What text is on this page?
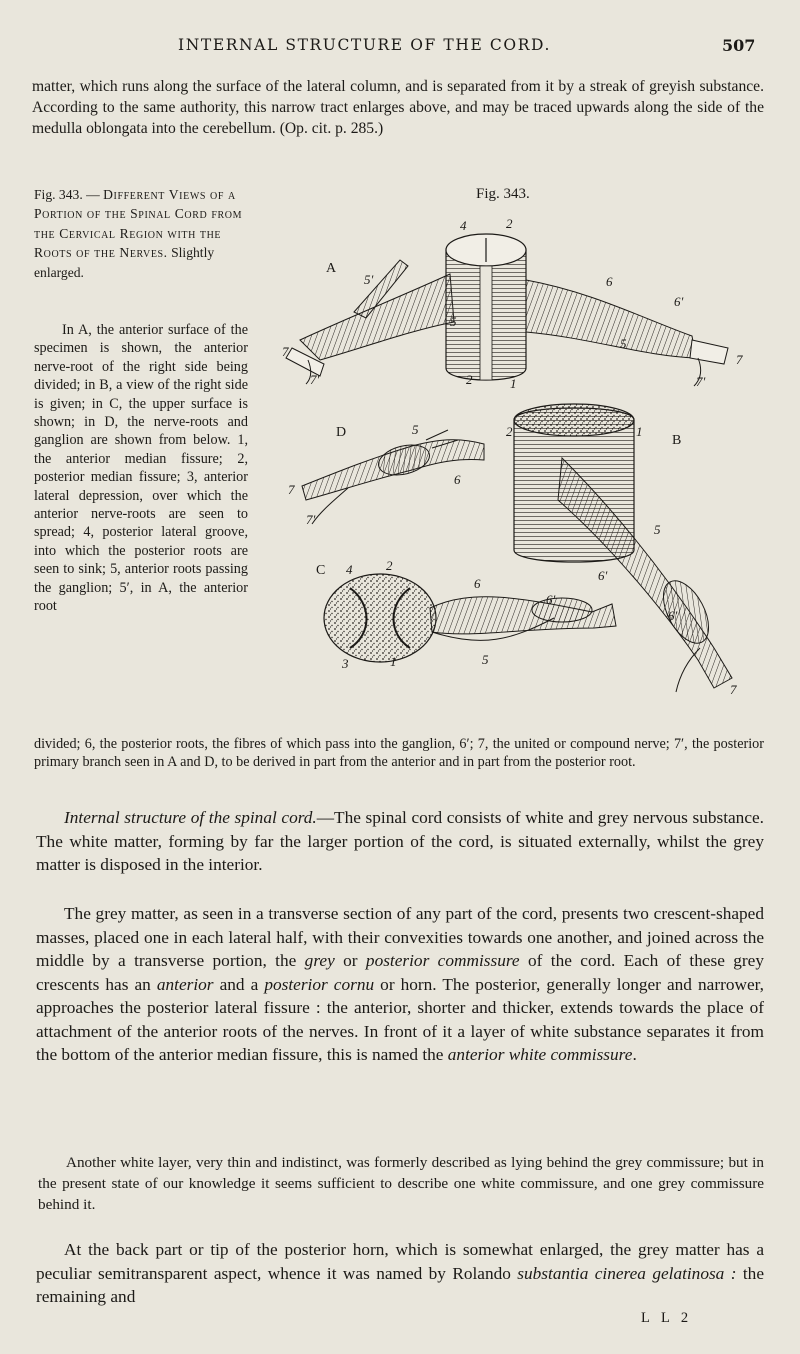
INTERNAL STRUCTURE OF THE CORD.	507

matter, which runs along the surface of the lateral column, and is separated from it by a streak of greyish substance. According to the same authority, this narrow tract enlarges above, and may be traced upwards along the side of the medulla oblongata into the cerebellum. (Op. cit. p. 285.)

Fig. 343. — Different Views of a Portion of the Spinal Cord from the Cervical Region with the Roots of the Nerves. Slightly enlarged.

In A, the anterior surface of the specimen is shown, the anterior nerve-root of the right side being divided; in B, a view of the right side is given; in C, the upper surface is shown; in D, the nerve-roots and ganglion are shown from below. 1, the anterior median fissure; 2, posterior median fissure; 3, anterior lateral depression, over which the anterior nerve-roots are seen to spread; 4, posterior lateral groove, into which the posterior roots are seen to sink; 5, anterior roots passing the ganglion; 5′, in A, the anterior root

divided; 6, the posterior roots, the fibres of which pass into the ganglion, 6′; 7, the united or compound nerve; 7′, the posterior primary branch seen in A and D, to be derived in part from the anterior and in part from the posterior root.

Fig. 343.
A
B
C
D
4	2
5′
5
6
6′
5
7
7′
7
7′	2	1
2	1
5
6′
6′
7
4	2
6
6′
5
3	1
5
6
7
7′

Internal structure of the spinal cord.—The spinal cord consists of white and grey nervous substance. The white matter, forming by far the larger portion of the cord, is situated externally, whilst the grey matter is disposed in the interior.

The grey matter, as seen in a transverse section of any part of the cord, presents two crescent-shaped masses, placed one in each lateral half, with their convexities towards one another, and joined across the middle by a transverse portion, the grey or posterior commissure of the cord. Each of these grey crescents has an anterior and a posterior cornu or horn. The posterior, generally longer and narrower, approaches the posterior lateral fissure : the anterior, shorter and thicker, extends towards the place of attachment of the anterior roots of the nerves. In front of it a layer of white substance separates it from the bottom of the anterior median fissure, this is named the anterior white commissure.

Another white layer, very thin and indistinct, was formerly described as lying behind the grey commissure; but in the present state of our knowledge it seems sufficient to describe one white commissure, and one grey commissure behind it.

At the back part or tip of the posterior horn, which is somewhat enlarged, the grey matter has a peculiar semitransparent aspect, whence it was named by Rolando substantia cinerea gelatinosa : the remaining and

L L 2
